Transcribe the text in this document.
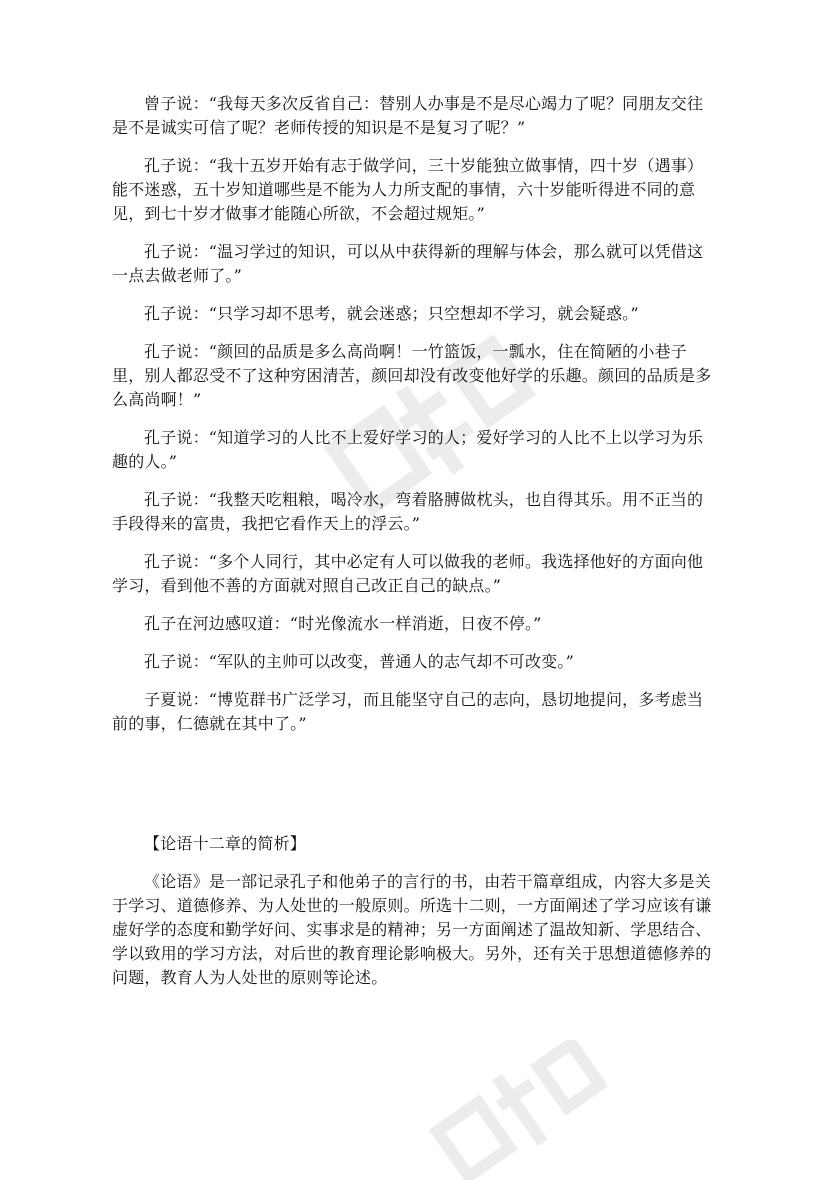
曾子说：“我每天多次反省自己：替别人办事是不是尽心竭力了呢？同朋友交往是不是诚实可信了呢？老师传授的知识是不是复习了呢？”

孔子说：“我十五岁开始有志于做学问，三十岁能独立做事情，四十岁（遇事）能不迷惑，五十岁知道哪些是不能为人力所支配的事情，六十岁能听得进不同的意见，到七十岁才做事才能随心所欲，不会超过规矩。”

孔子说：“温习学过的知识，可以从中获得新的理解与体会，那么就可以凭借这一点去做老师了。”

孔子说：“只学习却不思考，就会迷惑；只空想却不学习，就会疑惑。”

孔子说：“颜回的品质是多么高尚啊！一竹篮饭，一瓢水，住在简陋的小巷子里，别人都忍受不了这种穷困清苦，颜回却没有改变他好学的乐趣。颜回的品质是多么高尚啊！”

孔子说：“知道学习的人比不上爱好学习的人；爱好学习的人比不上以学习为乐趣的人。”

孔子说：“我整天吃粗粮，喝冷水，弯着胳膊做枕头，也自得其乐。用不正当的手段得来的富贵，我把它看作天上的浮云。”

孔子说：“多个人同行，其中必定有人可以做我的老师。我选择他好的方面向他学习，看到他不善的方面就对照自己改正自己的缺点。”

孔子在河边感叹道：“时光像流水一样消逝，日夜不停。”

孔子说：“军队的主帅可以改变，普通人的志气却不可改变。”

子夏说：“博览群书广泛学习，而且能坚守自己的志向，恳切地提问，多考虑当前的事，仁德就在其中了。”

【论语十二章的简析】

《论语》是一部记录孔子和他弟子的言行的书，由若干篇章组成，内容大多是关于学习、道德修养、为人处世的一般原则。所选十二则，一方面阐述了学习应该有谦虚好学的态度和勤学好问、实事求是的精神；另一方面阐述了温故知新、学思结合、学以致用的学习方法，对后世的教育理论影响极大。另外，还有关于思想道德修养的问题，教育人为人处世的原则等论述。
